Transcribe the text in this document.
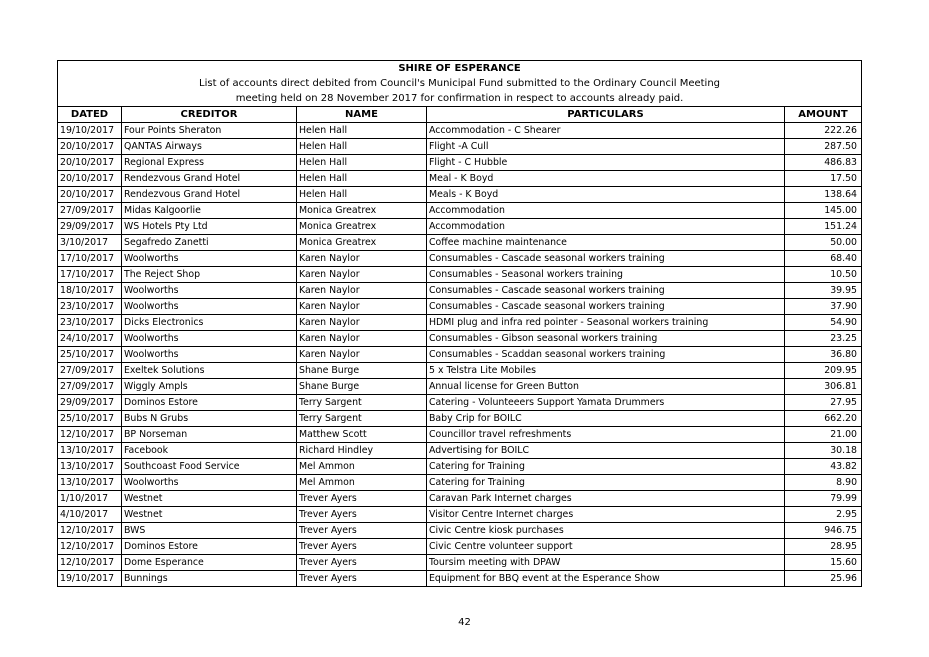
SHIRE OF ESPERANCE				
List of accounts direct debited from Council's Municipal Fund submitted to the Ordinary Council Meeting				
meeting held on 28 November 2017 for confirmation in respect to accounts already paid.				
DATED	CREDITOR	NAME	PARTICULARS	AMOUNT
19/10/2017	Four Points Sheraton	Helen Hall	Accommodation - C Shearer	222.26
20/10/2017	QANTAS Airways	Helen Hall	Flight -A Cull	287.50
20/10/2017	Regional Express	Helen Hall	Flight - C Hubble	486.83
20/10/2017	Rendezvous Grand Hotel	Helen Hall	Meal - K Boyd	17.50
20/10/2017	Rendezvous Grand Hotel	Helen Hall	Meals - K Boyd	138.64
27/09/2017	Midas Kalgoorlie	Monica Greatrex	Accommodation	145.00
29/09/2017	WS Hotels Pty Ltd	Monica Greatrex	Accommodation	151.24
3/10/2017	Segafredo Zanetti	Monica Greatrex	Coffee machine maintenance	50.00
17/10/2017	Woolworths	Karen Naylor	Consumables - Cascade seasonal workers training	68.40
17/10/2017	The Reject Shop	Karen Naylor	Consumables - Seasonal workers training	10.50
18/10/2017	Woolworths	Karen Naylor	Consumables - Cascade seasonal workers training	39.95
23/10/2017	Woolworths	Karen Naylor	Consumables - Cascade seasonal workers training	37.90
23/10/2017	Dicks Electronics	Karen Naylor	HDMI plug and infra red pointer - Seasonal workers training	54.90
24/10/2017	Woolworths	Karen Naylor	Consumables - Gibson seasonal workers training	23.25
25/10/2017	Woolworths	Karen Naylor	Consumables - Scaddan seasonal workers training	36.80
27/09/2017	Exeltek Solutions	Shane Burge	5 x Telstra Lite Mobiles	209.95
27/09/2017	Wiggly Ampls	Shane Burge	Annual license for Green Button	306.81
29/09/2017	Dominos Estore	Terry Sargent	Catering - Volunteeers Support Yamata Drummers	27.95
25/10/2017	Bubs N Grubs	Terry Sargent	Baby Crip for BOILC	662.20
12/10/2017	BP Norseman	Matthew Scott	Councillor travel refreshments	21.00
13/10/2017	Facebook	Richard Hindley	Advertising for BOILC	30.18
13/10/2017	Southcoast Food Service	Mel Ammon	Catering for Training	43.82
13/10/2017	Woolworths	Mel Ammon	Catering for Training	8.90
1/10/2017	Westnet	Trever Ayers	Caravan Park Internet charges	79.99
4/10/2017	Westnet	Trever Ayers	Visitor Centre Internet charges	2.95
12/10/2017	BWS	Trever Ayers	Civic Centre kiosk purchases	946.75
12/10/2017	Dominos Estore	Trever Ayers	Civic Centre volunteer support	28.95
12/10/2017	Dome Esperance	Trever Ayers	Toursim meeting with DPAW	15.60
19/10/2017	Bunnings	Trever Ayers	Equipment for BBQ event at the Esperance Show	25.96
42
